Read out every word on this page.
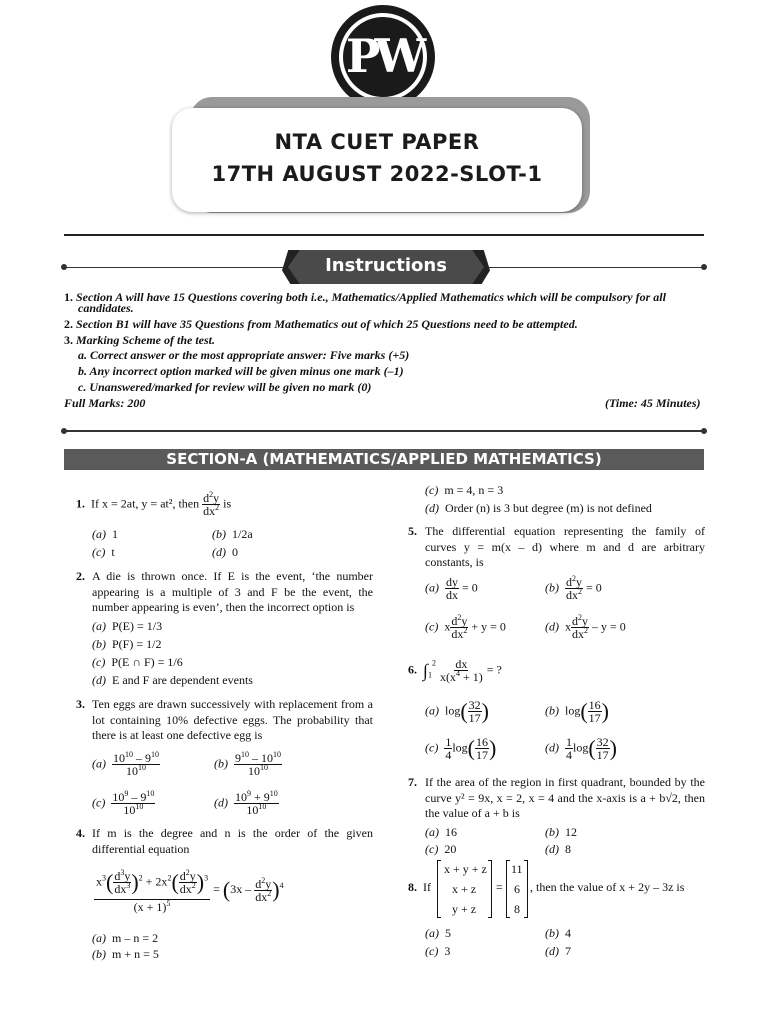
PW
NTA CUET PAPER
17TH AUGUST 2022-SLOT-1
Instructions
1. Section A will have 15 Questions covering both i.e., Mathematics/Applied Mathematics which will be compulsory for all
candidates.
2. Section B1 will have 35 Questions from Mathematics out of which 25 Questions need to be attempted.
3. Marking Scheme of the test.
a. Correct answer or the most appropriate answer: Five marks (+5)
b. Any incorrect option marked will be given minus one mark (–1)
c. Unanswered/marked for review will be given no mark (0)
Full Marks: 200	(Time: 45 Minutes)
SECTION-A (MATHEMATICS/APPLIED MATHEMATICS)
1. If x = 2at, y = at², then $\frac{d^2y}{dx^2}$ is
(a) 1	(b) 1/2a
(c) t	(d) 0
2. A die is thrown once. If E is the event, ‘the number appearing is a multiple of 3 and F be the event, the number appearing is even’, then the incorrect option is
(a) P(E) = 1/3
(b) P(F) = 1/2
(c) P(E ∩ F) = 1/6
(d) E and F are dependent events
3. Ten eggs are drawn successively with replacement from a lot containing 10% defective eggs. The probability that there is at least one defective egg is
$(a) \frac{10^{10} - 9^{10}}{10^{10}}$	$(b) \frac{9^{10} - 10^{10}}{10^{10}}$
$(c) \frac{10^9 - 9^{10}}{10^{10}}$	$(d) \frac{10^9 + 9^{10}}{10^{10}}$
4. If m is the degree and n is the order of the given differential equation
$\frac{x^3( \frac{d^3y}{dx^3} )^2 + 2x^2( \frac{d^2y}{dx^2} )^3}{(x + 1)^5} = (3x - \frac{d^2y}{dx^2} )^4$
(a) m – n = 2
(b) m + n = 5
(c) m = 4, n = 3
(d) Order (n) is 3 but degree (m) is not defined
5. The differential equation representing the family of curves y = m(x – d) where m and d are arbitrary constants, is
$(a) \frac{dy}{dx} = 0$	$(b) \frac{d^2y}{dx^2} = 0$
(c)  x $\frac{d^2y}{dx^2} + y = 0$	(d)  x $\frac{d^2y}{dx^2} - y = 0$
6. $\int_1^2 \frac{dx}{x(x^4 + 1)}$ = ?
(a)  $\log( \frac{32}{17}$ )	(b)  $\log( \frac{16}{17}$ )
$(c) \frac{1}{4} \log( \frac{16}{17}$ )	$(d) \frac{1}{4} \log( \frac{32}{17}$ )
7. If the area of the region in first quadrant, bounded by the curve y² = 9x, x = 2, x = 4 and the x-axis is a + b√2, then the value of a + b is
(a) 16	(b) 12
(c) 20	(d) 8
8. If
x + y + z
x + z
y + z
=
11
6
8
, then the value of x + 2y – 3z is
(a) 5	(b) 4
(c) 3	(d) 7
